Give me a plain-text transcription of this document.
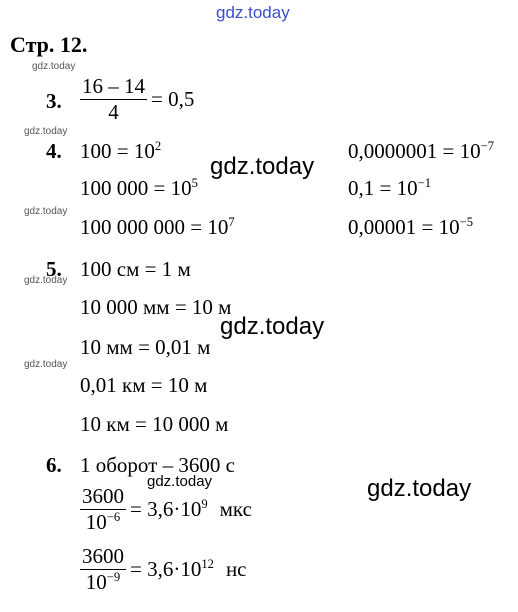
gdz.today
gdz.today
gdz.today
gdz.today
gdz.today
gdz.today
gdz.today
gdz.today
gdz.today
gdz.today
Стр. 12.
3. $\frac{16 - 14}{4} = 0,5$
4. $100 = 10^2$
100 $000 = 10^5$
100 000 $000 = 10^7$
$0,0000001 = 10^{-7}$
$0,1 = 10^{-1}$
$0,00001 = 10^{-5}$
5. 100 см = 1 м
10 000 мм = 10 м
10 мм = 0,01 м
0,01 км = 10 м
10 км = 10 000 м
6. 1 оборот – 3600 с
$\frac{3600}{10^{-6}} = 3,6\cdot 10^9$ мкс
$\frac{3600}{10^{-9}} = 3,6\cdot 10^{12}$ нс
